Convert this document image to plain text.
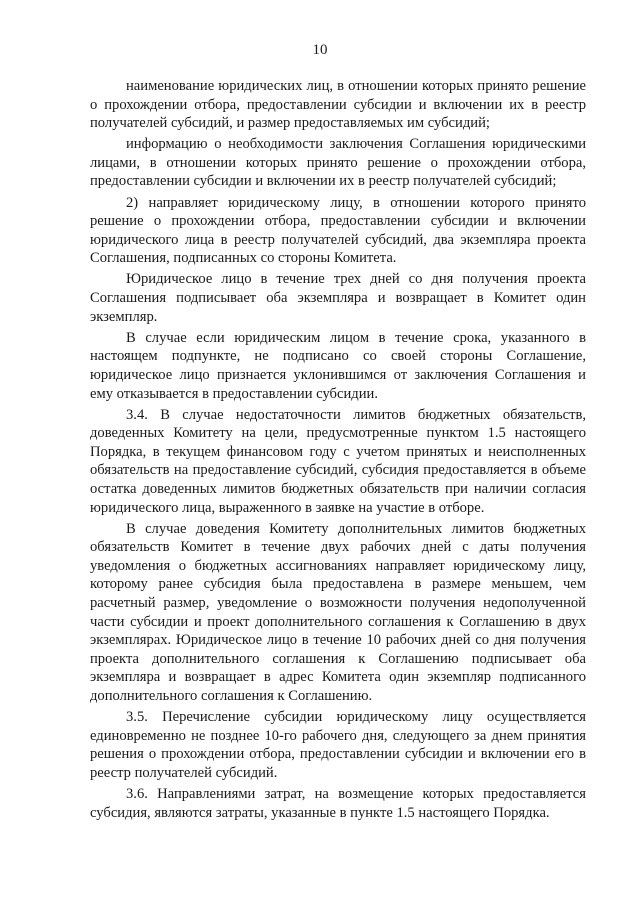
10

наименование юридических лиц, в отношении которых принято решение о прохождении отбора, предоставлении субсидии и включении их в реестр получателей субсидий, и размер предоставляемых им субсидий;

информацию о необходимости заключения Соглашения юридическими лицами, в отношении которых принято решение о прохождении отбора, предоставлении субсидии и включении их в реестр получателей субсидий;

2) направляет юридическому лицу, в отношении которого принято решение о прохождении отбора, предоставлении субсидии и включении юридического лица в реестр получателей субсидий, два экземпляра проекта Соглашения, подписанных со стороны Комитета.

Юридическое лицо в течение трех дней со дня получения проекта Соглашения подписывает оба экземпляра и возвращает в Комитет один экземпляр.

В случае если юридическим лицом в течение срока, указанного в настоящем подпункте, не подписано со своей стороны Соглашение, юридическое лицо признается уклонившимся от заключения Соглашения и ему отказывается в предоставлении субсидии.

3.4. В случае недостаточности лимитов бюджетных обязательств, доведенных Комитету на цели, предусмотренные пунктом 1.5 настоящего Порядка, в текущем финансовом году с учетом принятых и неисполненных обязательств на предоставление субсидий, субсидия предоставляется в объеме остатка доведенных лимитов бюджетных обязательств при наличии согласия юридического лица, выраженного в заявке на участие в отборе.

В случае доведения Комитету дополнительных лимитов бюджетных обязательств Комитет в течение двух рабочих дней с даты получения уведомления о бюджетных ассигнованиях направляет юридическому лицу, которому ранее субсидия была предоставлена в размере меньшем, чем расчетный размер, уведомление о возможности получения недополученной части субсидии и проект дополнительного соглашения к Соглашению в двух экземплярах. Юридическое лицо в течение 10 рабочих дней со дня получения проекта дополнительного соглашения к Соглашению подписывает оба экземпляра и возвращает в адрес Комитета один экземпляр подписанного дополнительного соглашения к Соглашению.

3.5. Перечисление субсидии юридическому лицу осуществляется единовременно не позднее 10-го рабочего дня, следующего за днем принятия решения о прохождении отбора, предоставлении субсидии и включении его в реестр получателей субсидий.

3.6. Направлениями затрат, на возмещение которых предоставляется субсидия, являются затраты, указанные в пункте 1.5 настоящего Порядка.
